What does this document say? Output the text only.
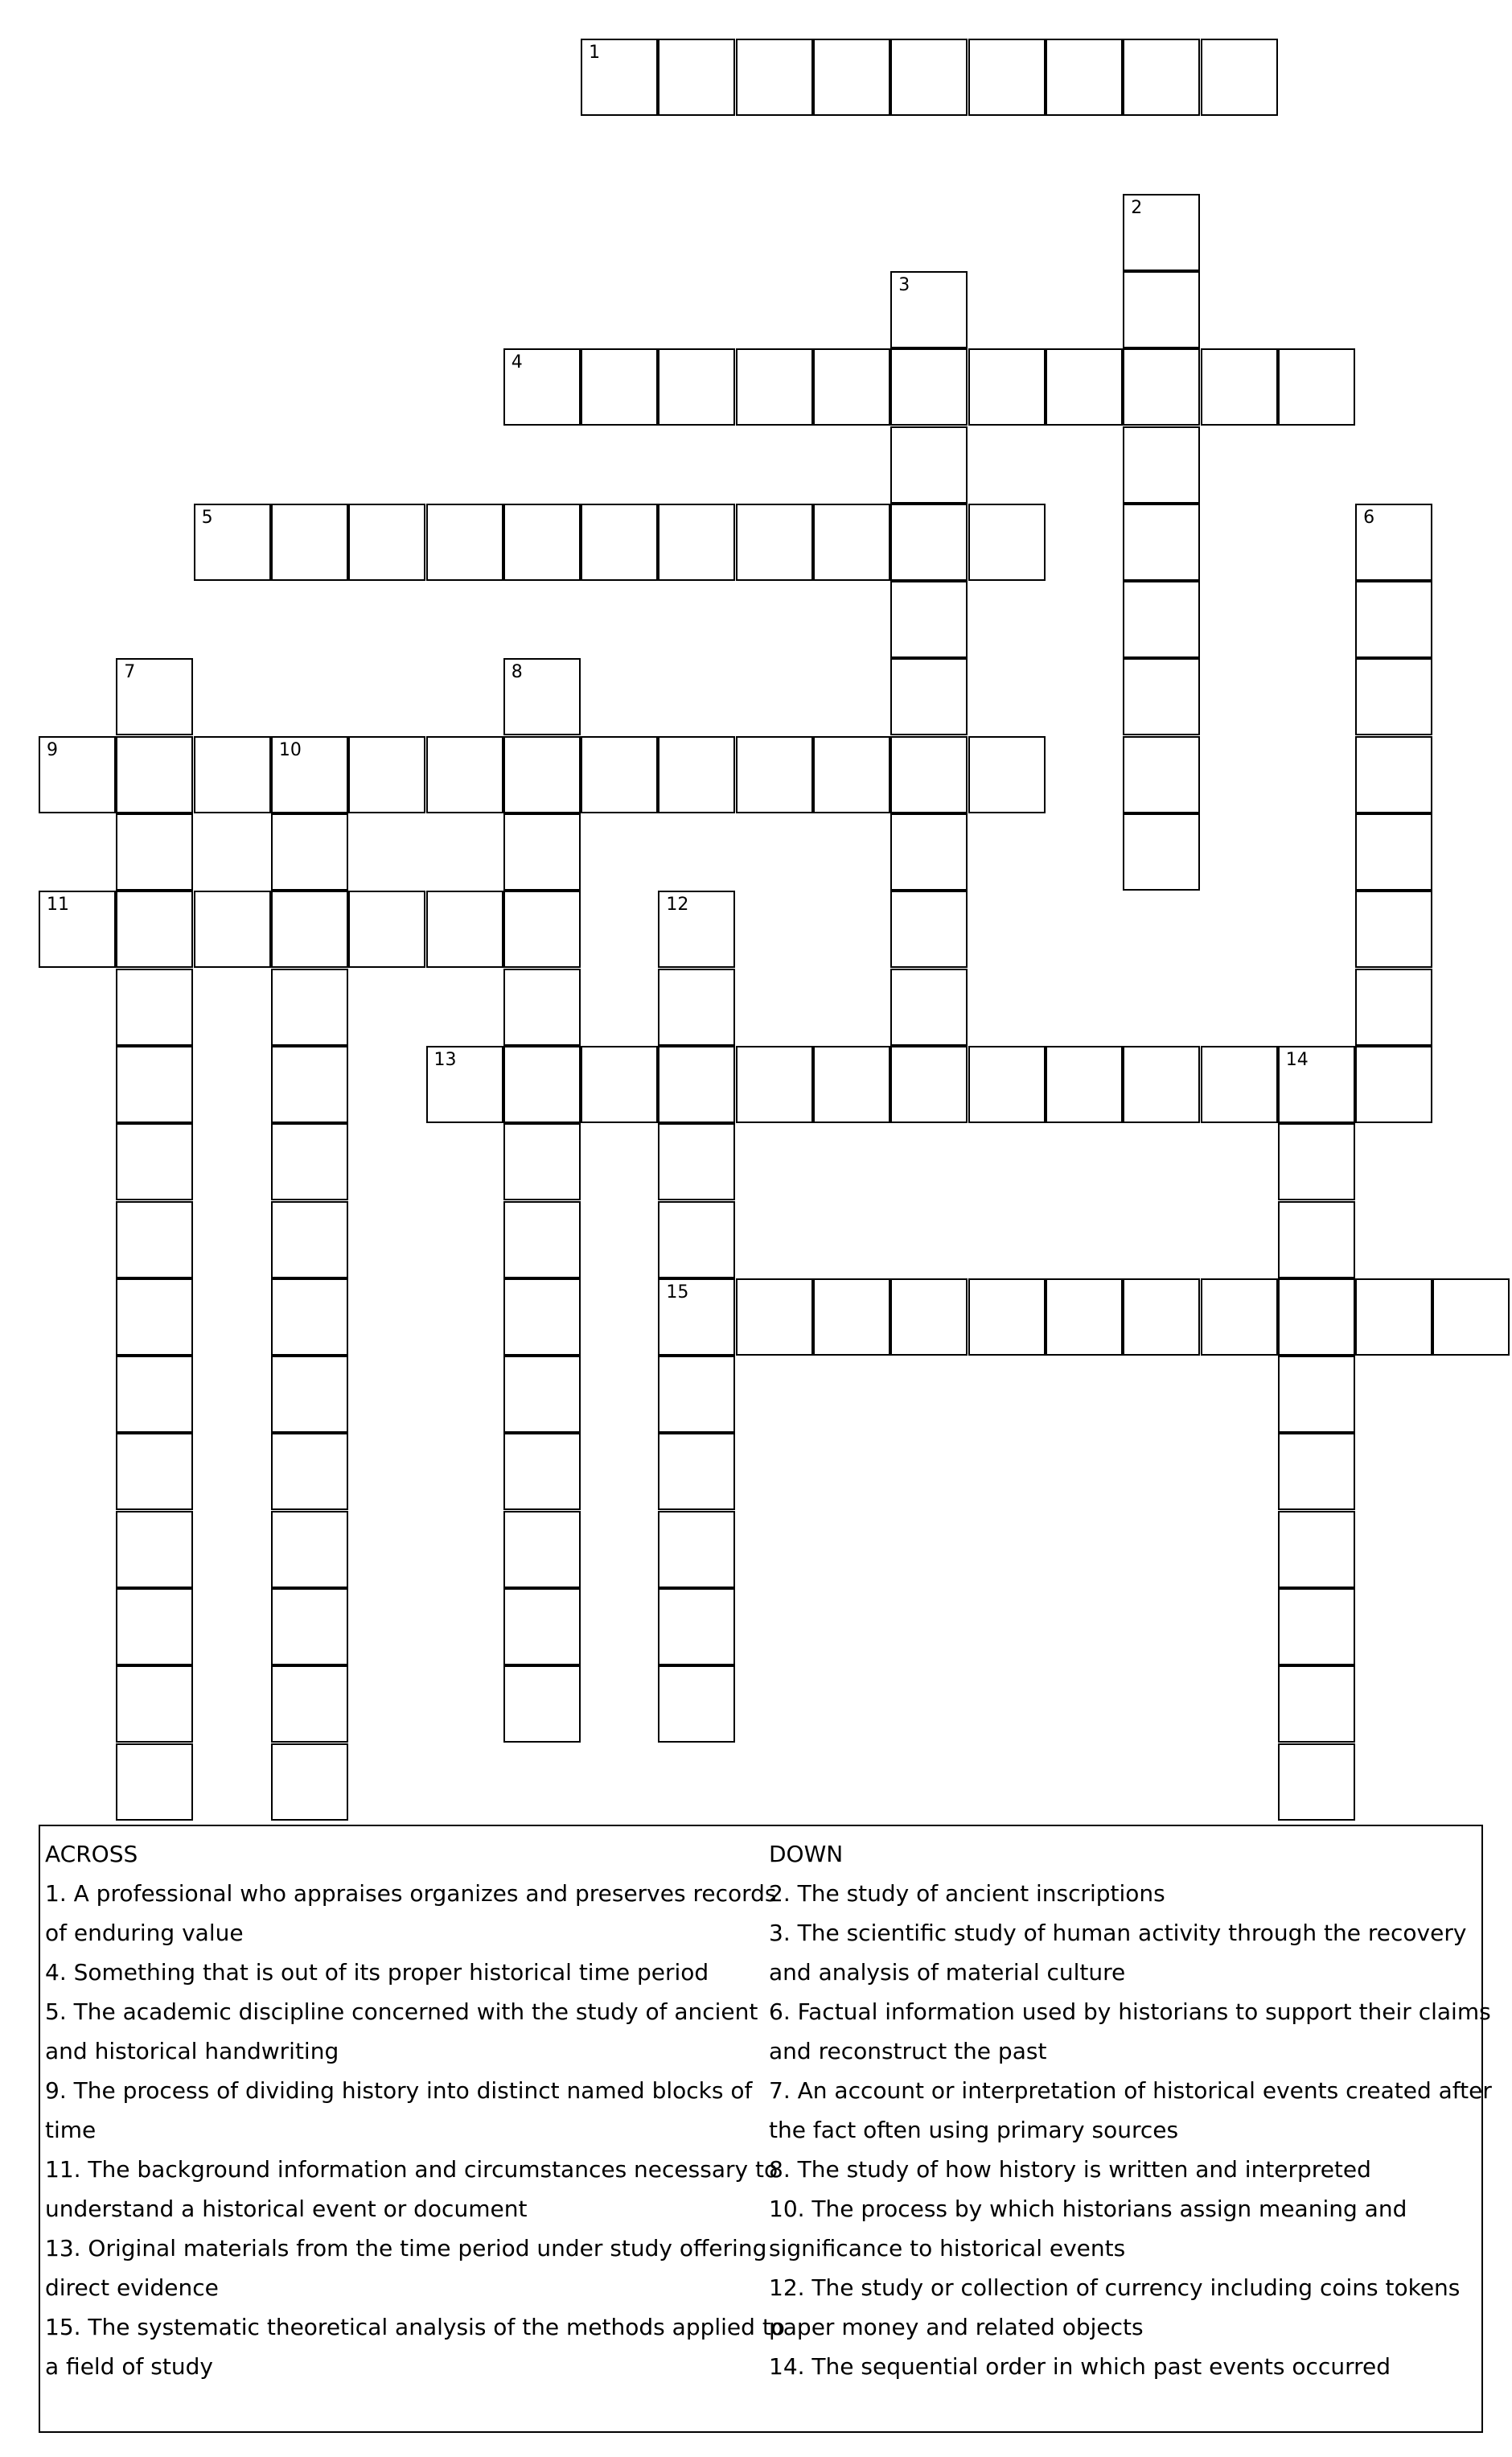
1
2
3
4
5	6
7	8
9	10
11	12
15
13	14
ACROSS
1. A professional who appraises organizes and preserves records
of enduring value
4. Something that is out of its proper historical time period
5. The academic discipline concerned with the study of ancient
and historical handwriting
9. The process of dividing history into distinct named blocks of
time
11. The background information and circumstances necessary to
understand a historical event or document
13. Original materials from the time period under study offering
direct evidence
15. The systematic theoretical analysis of the methods applied to
a field of study
DOWN
2. The study of ancient inscriptions
3. The scientific study of human activity through the recovery
and analysis of material culture
6. Factual information used by historians to support their claims
and reconstruct the past
7. An account or interpretation of historical events created after
the fact often using primary sources
8. The study of how history is written and interpreted
10. The process by which historians assign meaning and
significance to historical events
12. The study or collection of currency including coins tokens
paper money and related objects
14. The sequential order in which past events occurred
